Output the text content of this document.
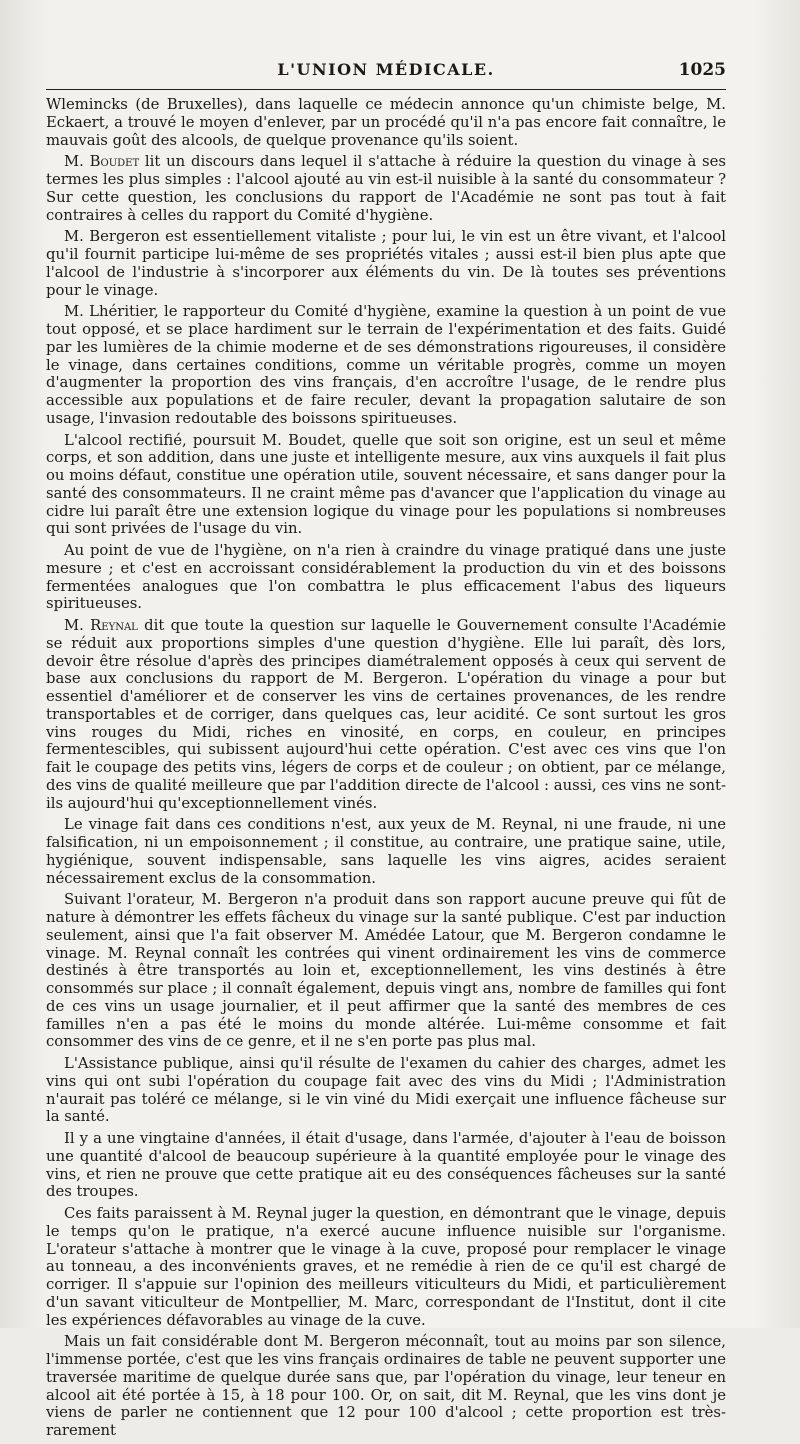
L'UNION MÉDICALE.	1025

Wlemincks (de Bruxelles), dans laquelle ce médecin annonce qu'un chimiste belge, M. Eckaert, a trouvé le moyen d'enlever, par un procédé qu'il n'a pas encore fait connaître, le mauvais goût des alcools, de quelque provenance qu'ils soient.

M. Boudet lit un discours dans lequel il s'attache à réduire la question du vinage à ses termes les plus simples : l'alcool ajouté au vin est-il nuisible à la santé du consommateur ? Sur cette question, les conclusions du rapport de l'Académie ne sont pas tout à fait contraires à celles du rapport du Comité d'hygiène.

M. Bergeron est essentiellement vitaliste ; pour lui, le vin est un être vivant, et l'alcool qu'il fournit participe lui-même de ses propriétés vitales ; aussi est-il bien plus apte que l'alcool de l'industrie à s'incorporer aux éléments du vin. De là toutes ses préventions pour le vinage.

M. Lhéritier, le rapporteur du Comité d'hygiène, examine la question à un point de vue tout opposé, et se place hardiment sur le terrain de l'expérimentation et des faits. Guidé par les lumières de la chimie moderne et de ses démonstrations rigoureuses, il considère le vinage, dans certaines conditions, comme un véritable progrès, comme un moyen d'augmenter la proportion des vins français, d'en accroître l'usage, de le rendre plus accessible aux populations et de faire reculer, devant la propagation salutaire de son usage, l'invasion redoutable des boissons spiritueuses.

L'alcool rectifié, poursuit M. Boudet, quelle que soit son origine, est un seul et même corps, et son addition, dans une juste et intelligente mesure, aux vins auxquels il fait plus ou moins défaut, constitue une opération utile, souvent nécessaire, et sans danger pour la santé des consommateurs. Il ne craint même pas d'avancer que l'application du vinage au cidre lui paraît être une extension logique du vinage pour les populations si nombreuses qui sont privées de l'usage du vin.

Au point de vue de l'hygiène, on n'a rien à craindre du vinage pratiqué dans une juste mesure ; et c'est en accroissant considérablement la production du vin et des boissons fermentées analogues que l'on combattra le plus efficacement l'abus des liqueurs spiritueuses.

M. Reynal dit que toute la question sur laquelle le Gouvernement consulte l'Académie se réduit aux proportions simples d'une question d'hygiène. Elle lui paraît, dès lors, devoir être résolue d'après des principes diamétralement opposés à ceux qui servent de base aux conclusions du rapport de M. Bergeron. L'opération du vinage a pour but essentiel d'améliorer et de conserver les vins de certaines provenances, de les rendre transportables et de corriger, dans quelques cas, leur acidité. Ce sont surtout les gros vins rouges du Midi, riches en vinosité, en corps, en couleur, en principes fermentescibles, qui subissent aujourd'hui cette opération. C'est avec ces vins que l'on fait le coupage des petits vins, légers de corps et de couleur ; on obtient, par ce mélange, des vins de qualité meilleure que par l'addition directe de l'alcool : aussi, ces vins ne sont-ils aujourd'hui qu'exceptionnellement vinés.

Le vinage fait dans ces conditions n'est, aux yeux de M. Reynal, ni une fraude, ni une falsification, ni un empoisonnement ; il constitue, au contraire, une pratique saine, utile, hygiénique, souvent indispensable, sans laquelle les vins aigres, acides seraient nécessairement exclus de la consommation.

Suivant l'orateur, M. Bergeron n'a produit dans son rapport aucune preuve qui fût de nature à démontrer les effets fâcheux du vinage sur la santé publique. C'est par induction seulement, ainsi que l'a fait observer M. Amédée Latour, que M. Bergeron condamne le vinage. M. Reynal connaît les contrées qui vinent ordinairement les vins de commerce destinés à être transportés au loin et, exceptionnellement, les vins destinés à être consommés sur place ; il connaît également, depuis vingt ans, nombre de familles qui font de ces vins un usage journalier, et il peut affirmer que la santé des membres de ces familles n'en a pas été le moins du monde altérée. Lui-même consomme et fait consommer des vins de ce genre, et il ne s'en porte pas plus mal.

L'Assistance publique, ainsi qu'il résulte de l'examen du cahier des charges, admet les vins qui ont subi l'opération du coupage fait avec des vins du Midi ; l'Administration n'aurait pas toléré ce mélange, si le vin viné du Midi exerçait une influence fâcheuse sur la santé.

Il y a une vingtaine d'années, il était d'usage, dans l'armée, d'ajouter à l'eau de boisson une quantité d'alcool de beaucoup supérieure à la quantité employée pour le vinage des vins, et rien ne prouve que cette pratique ait eu des conséquences fâcheuses sur la santé des troupes.

Ces faits paraissent à M. Reynal juger la question, en démontrant que le vinage, depuis le temps qu'on le pratique, n'a exercé aucune influence nuisible sur l'organisme. L'orateur s'attache à montrer que le vinage à la cuve, proposé pour remplacer le vinage au tonneau, a des inconvénients graves, et ne remédie à rien de ce qu'il est chargé de corriger. Il s'appuie sur l'opinion des meilleurs viticulteurs du Midi, et particulièrement d'un savant viticulteur de Montpellier, M. Marc, correspondant de l'Institut, dont il cite les expériences défavorables au vinage de la cuve.

Mais un fait considérable dont M. Bergeron méconnaît, tout au moins par son silence, l'immense portée, c'est que les vins français ordinaires de table ne peuvent supporter une traversée maritime de quelque durée sans que, par l'opération du vinage, leur teneur en alcool ait été portée à 15, à 18 pour 100. Or, on sait, dit M. Reynal, que les vins dont je viens de parler ne contiennent que 12 pour 100 d'alcool ; cette proportion est très-rarement
